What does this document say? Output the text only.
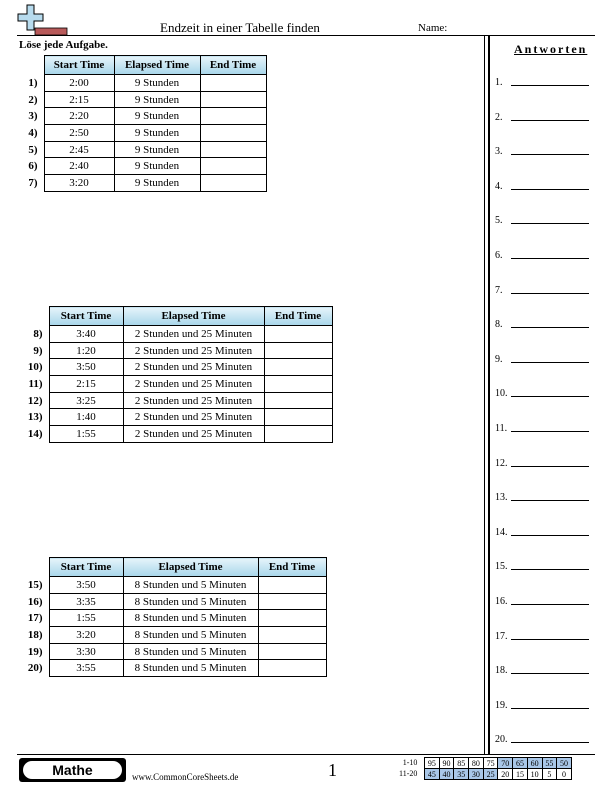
Endzeit in einer Tabelle finden	Name:
Löse jede Aufgabe.
	Start Time	Elapsed Time	End Time
1)	2:00	9 Stunden	
2)	2:15	9 Stunden	
3)	2:20	9 Stunden	
4)	2:50	9 Stunden	
5)	2:45	9 Stunden	
6)	2:40	9 Stunden	
7)	3:20	9 Stunden	
	Start Time	Elapsed Time	End Time
8)	3:40	2 Stunden und 25 Minuten	
9)	1:20	2 Stunden und 25 Minuten	
10)	3:50	2 Stunden und 25 Minuten	
11)	2:15	2 Stunden und 25 Minuten	
12)	3:25	2 Stunden und 25 Minuten	
13)	1:40	2 Stunden und 25 Minuten	
14)	1:55	2 Stunden und 25 Minuten	
	Start Time	Elapsed Time	End Time
15)	3:50	8 Stunden und 5 Minuten	
16)	3:35	8 Stunden und 5 Minuten	
17)	1:55	8 Stunden und 5 Minuten	
18)	3:20	8 Stunden und 5 Minuten	
19)	3:30	8 Stunden und 5 Minuten	
20)	3:55	8 Stunden und 5 Minuten	
Antworten
1.
2.
3.
4.
5.
6.
7.
8.
9.
10.
11.
12.
13.
14.
15.
16.
17.
18.
19.
20.
Mathe	www.CommonCoreSheets.de	1	1-10
11-20
95	90	85	80	75	70	65	60	55	50
45	40	35	30	25	20	15	10	5	0
